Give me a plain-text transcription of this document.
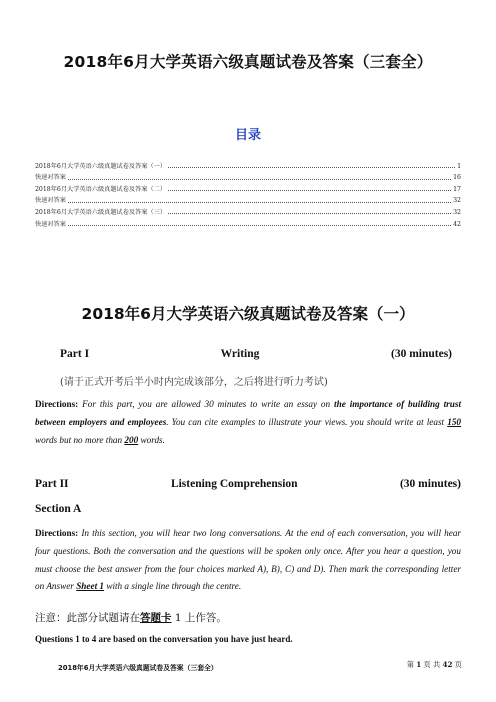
2018年6月大学英语六级真题试卷及答案（三套全）
目录
2018年6月大学英语六级真题试卷及答案（一）	1
快速对答案	16
2018年6月大学英语六级真题试卷及答案（二）	17
快速对答案	32
2018年6月大学英语六级真题试卷及答案（三）	32
快速对答案	42
2018年6月大学英语六级真题试卷及答案（一）
Part I	Writing	(30 minutes)
(请于正式开考后半小时内完成该部分，之后将进行听力考试)
Directions: For this part, you are allowed 30 minutes to write an essay on the importance of building trust between employers and employees. You can cite examples to illustrate your views. you should write at least 150 words but no more than 200 words.
Part II	Listening Comprehension	(30 minutes)
Section A
Directions: In this section, you will hear two long conversations. At the end of each conversation, you will hear four questions. Both the conversation and the questions will be spoken only once. After you hear a question, you must choose the best answer from the four choices marked A), B), C) and D). Then mark the corresponding letter on Answer Sheet 1 with a single line through the centre.
注意：此部分试题请在答题卡 1 上作答。
Questions 1 to 4 are based on the conversation you have just heard.
2018年6月大学英语六级真题试卷及答案（三套全）	第 1 页 共 42 页
